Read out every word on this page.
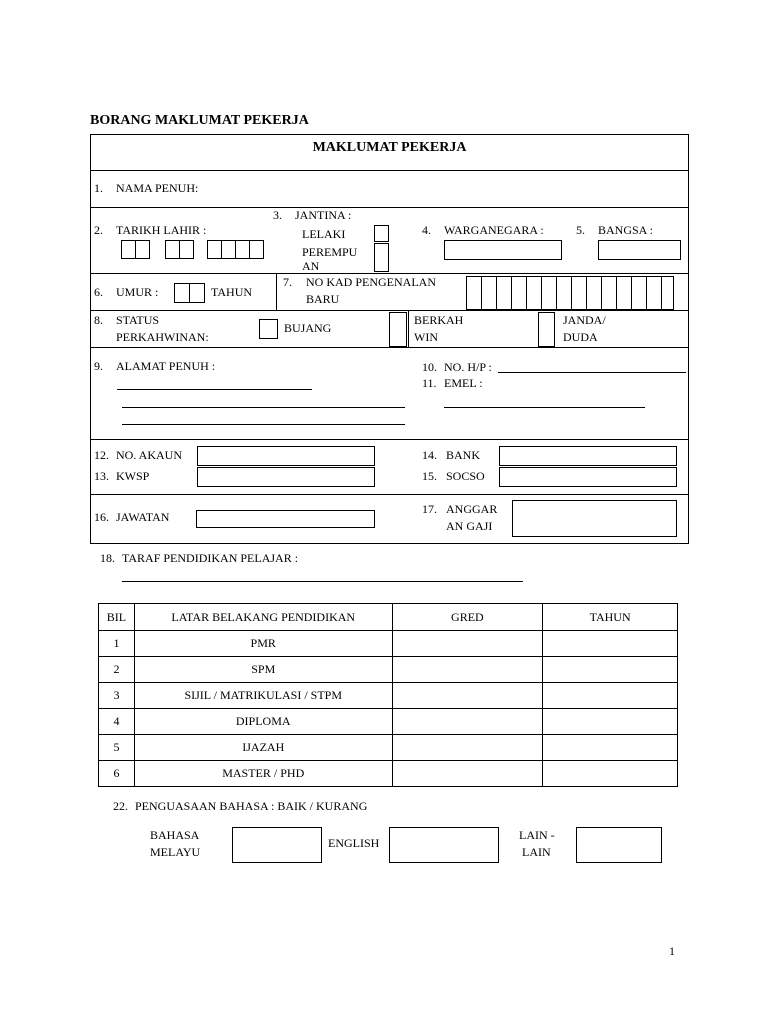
BORANG MAKLUMAT PEKERJA
MAKLUMAT PEKERJA
1. NAMA PENUH:
2. TARIKH LAHIR :
3. JANTINA :
LELAKI
PEREMPU
AN
4. WARGANEGARA :	5. BANGSA :
6. UMUR :	TAHUN
7. NO KAD PENGENALAN
BARU
8. STATUS
PERKAHWINAN:
BUJANG
BERKAH
WIN
JANDA/
DUDA
9. ALAMAT PENUH :	10. NO. H/P :
11. EMEL :
12. NO. AKAUN
13. KWSP
14. BANK
15. SOCSO
16. JAWATAN
17. ANGGAR
AN GAJI
18. TARAF PENDIDIKAN PELAJAR :
BIL	LATAR BELAKANG PENDIDIKAN	GRED	TAHUN
1	PMR		
2	SPM		
3	SIJIL / MATRIKULASI / STPM		
4	DIPLOMA		
5	IJAZAH		
6	MASTER / PHD		
22. PENGUASAAN BAHASA : BAIK / KURANG
BAHASA
MELAYU
ENGLISH
LAIN -
LAIN
1
